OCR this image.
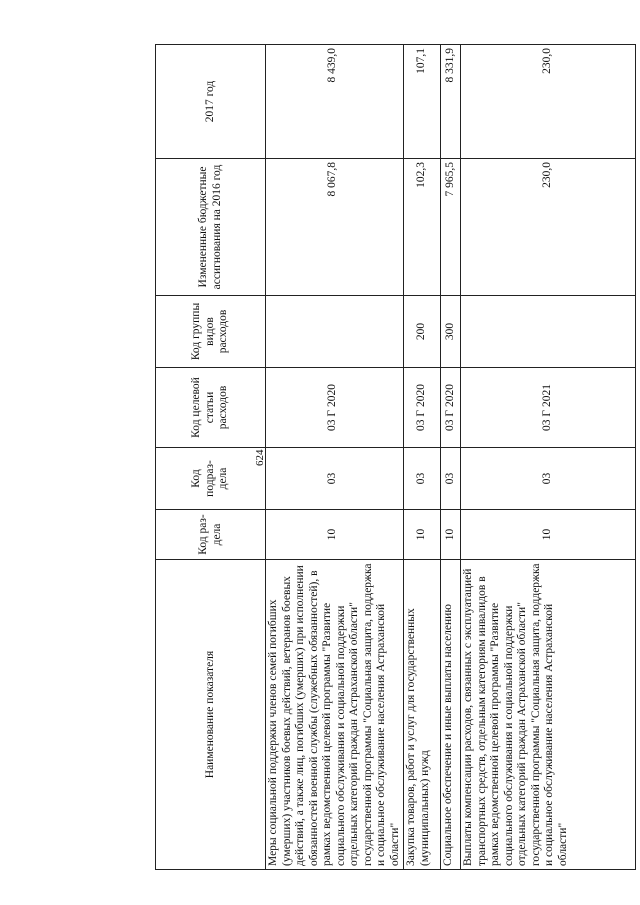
624
Наименование показателя	Код раз-дела	Код подраз-дела	Код целевой статьи расходов	Код группы видов расходов	Измененные бюджетные ассигнования на 2016 год	2017 год
Меры социальной поддержки членов семей погибших (умерших) участников боевых действий, ветеранов боевых действий, а также лиц, погибших (умерших) при исполнении обязанностей военной службы (служебных обязанностей), в рамках ведомственной целевой программы "Развитие социального обслуживания и социальной поддержки отдельных категорий граждан Астраханской области" государственной программы "Социальная защита, поддержка и социальное обслуживание населения Астраханской области"	10	03	03 Г 2020		8 067,8	8 439,0
Закупка товаров, работ и услуг для государственных (муниципальных) нужд	10	03	03 Г 2020	200	102,3	107,1
Социальное обеспечение и иные выплаты населению	10	03	03 Г 2020	300	7 965,5	8 331,9
Выплаты компенсации расходов, связанных с эксплуатацией транспортных средств, отдельным категориям инвалидов в рамках ведомственной целевой программы "Развитие социального обслуживания и социальной поддержки отдельных категорий граждан Астраханской области" государственной программы "Социальная защита, поддержка и социальное обслуживание населения Астраханской области"	10	03	03 Г 2021		230,0	230,0
